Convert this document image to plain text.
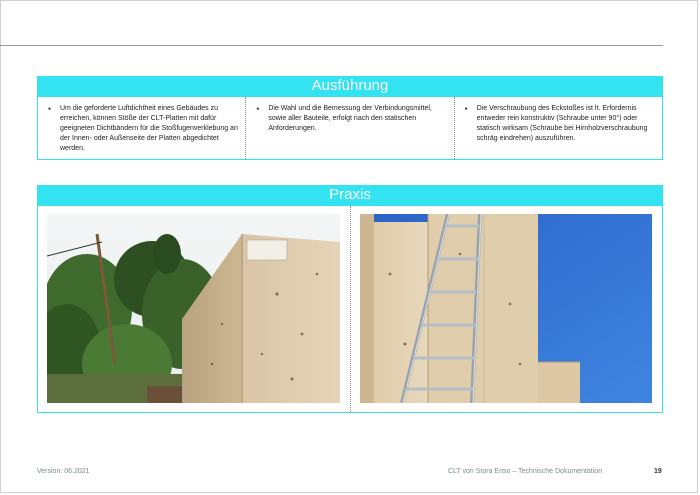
Ausführung
● Um die geforderte Luftdichtheit eines Gebäudes zu erreichen, können Stöße der CLT-Platten mit dafür geeigneten Dichtbändern für die Stoßfugenverklebung an der Innen- oder Außenseite der Platten abgedichtet werden.
● Die Wahl und die Bemessung der Verbindungsmittel, sowie aller Bauteile, erfolgt nach den statischen Anforderungen.
● Die Verschraubung des Eckstoßes ist lt. Erfordernis entweder rein konstruktiv (Schraube unter 90°) oder statisch wirksam (Schraube bei Hirnholzverschraubung schräg eindrehen) auszuführen.
Praxis
Version: 06.2021	CLT von Stora Enso – Technische Dokumentation	19
